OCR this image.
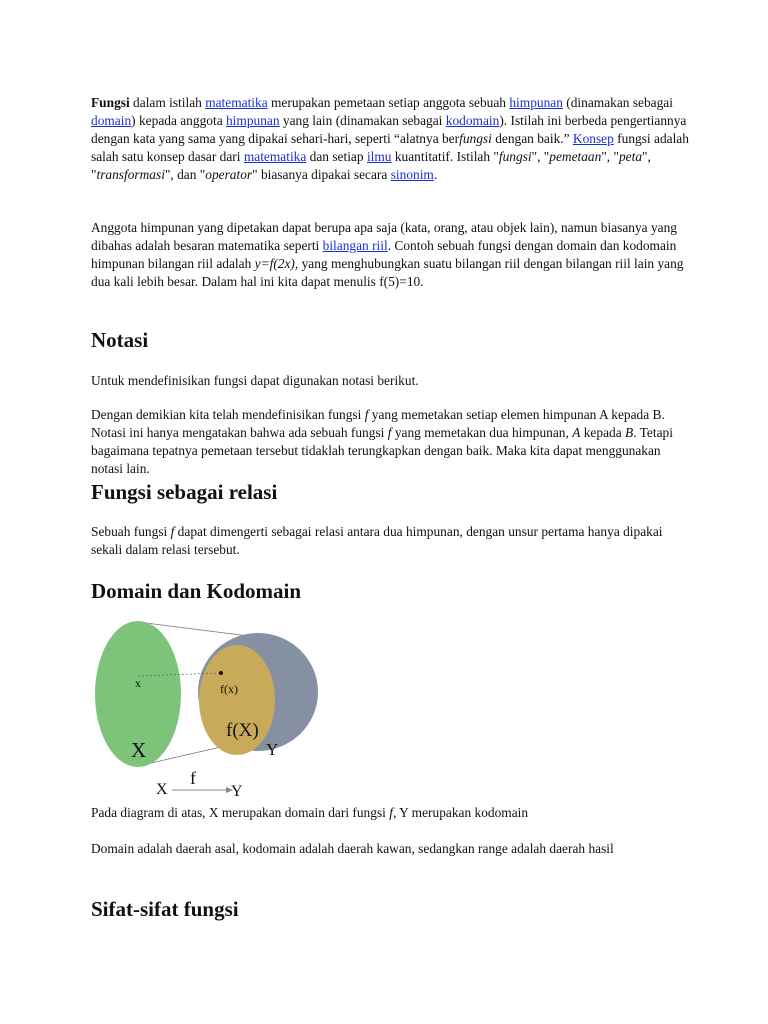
Fungsi dalam istilah matematika merupakan pemetaan setiap anggota sebuah himpunan (dinamakan sebagai domain) kepada anggota himpunan yang lain (dinamakan sebagai kodomain). Istilah ini berbeda pengertiannya dengan kata yang sama yang dipakai sehari-hari, seperti “alatnya berfungsi dengan baik.” Konsep fungsi adalah salah satu konsep dasar dari matematika dan setiap ilmu kuantitatif. Istilah "fungsi", "pemetaan", "peta", "transformasi", dan "operator" biasanya dipakai secara sinonim.

Anggota himpunan yang dipetakan dapat berupa apa saja (kata, orang, atau objek lain), namun biasanya yang dibahas adalah besaran matematika seperti bilangan riil. Contoh sebuah fungsi dengan domain dan kodomain himpunan bilangan riil adalah y=f(2x), yang menghubungkan suatu bilangan riil dengan bilangan riil lain yang dua kali lebih besar. Dalam hal ini kita dapat menulis f(5)=10.

Notasi

Untuk mendefinisikan fungsi dapat digunakan notasi berikut.

Dengan demikian kita telah mendefinisikan fungsi f yang memetakan setiap elemen himpunan A kepada B. Notasi ini hanya mengatakan bahwa ada sebuah fungsi f yang memetakan dua himpunan, A kepada B. Tetapi bagaimana tepatnya pemetaan tersebut tidaklah terungkapkan dengan baik. Maka kita dapat menggunakan notasi lain.

Fungsi sebagai relasi

Sebuah fungsi f dapat dimengerti sebagai relasi antara dua himpunan, dengan unsur pertama hanya dipakai sekali dalam relasi tersebut.

Domain dan Kodomain
x	f(x)
f(X)
X	Y
X
f
Y

Pada diagram di atas, X merupakan domain dari fungsi f, Y merupakan kodomain

Domain adalah daerah asal, kodomain adalah daerah kawan, sedangkan range adalah daerah hasil

Sifat-sifat fungsi
